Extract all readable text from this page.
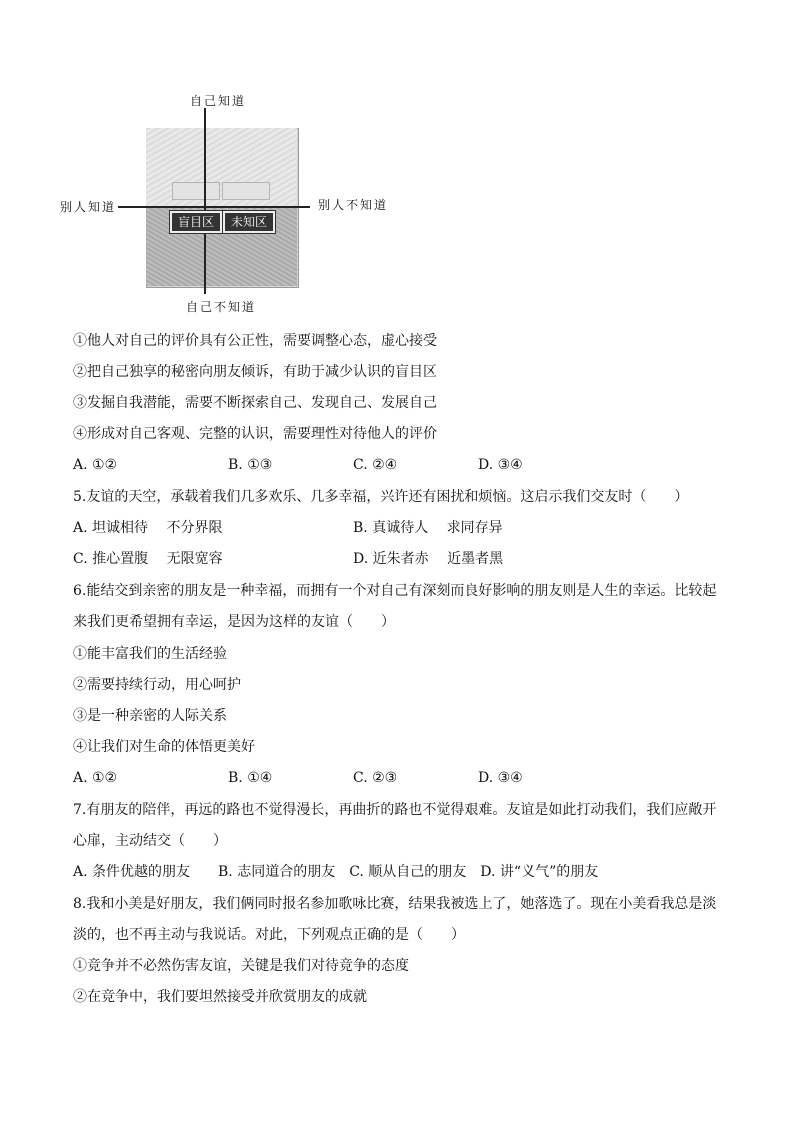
盲目区	未知区
自己知道
自己不知道
别人知道	别人不知道
①他人对自己的评价具有公正性，需要调整心态，虚心接受
②把自己独享的秘密向朋友倾诉，有助于减少认识的盲目区
③发掘自我潜能，需要不断探索自己、发现自己、发展自己
④形成对自己客观、完整的认识，需要理性对待他人的评价
A. ①②	B. ①③	C. ②④	D. ③④
5.友谊的天空，承载着我们几多欢乐、几多幸福，兴许还有困扰和烦恼。这启示我们交友时（　　）
A. 坦诚相待　 不分界限	B. 真诚待人　 求同存异
C. 推心置腹　 无限宽容	D. 近朱者赤　 近墨者黑
6.能结交到亲密的朋友是一种幸福，而拥有一个对自己有深刻而良好影响的朋友则是人生的幸运。比较起
来我们更希望拥有幸运，是因为这样的友谊（　　）
①能丰富我们的生活经验
②需要持续行动，用心呵护
③是一种亲密的人际关系
④让我们对生命的体悟更美好
A. ①②	B. ①④	C. ②③	D. ③④
7.有朋友的陪伴，再远的路也不觉得漫长，再曲折的路也不觉得艰难。友谊是如此打动我们，我们应敞开
心扉，主动结交（　　）
A. 条件优越的朋友　　B. 志同道合的朋友　C. 顺从自己的朋友　D. 讲“义气”的朋友
8.我和小美是好朋友，我们俩同时报名参加歌咏比赛，结果我被选上了，她落选了。现在小美看我总是淡
淡的，也不再主动与我说话。对此，下列观点正确的是（　　）
①竞争并不必然伤害友谊，关键是我们对待竞争的态度
②在竞争中，我们要坦然接受并欣赏朋友的成就
